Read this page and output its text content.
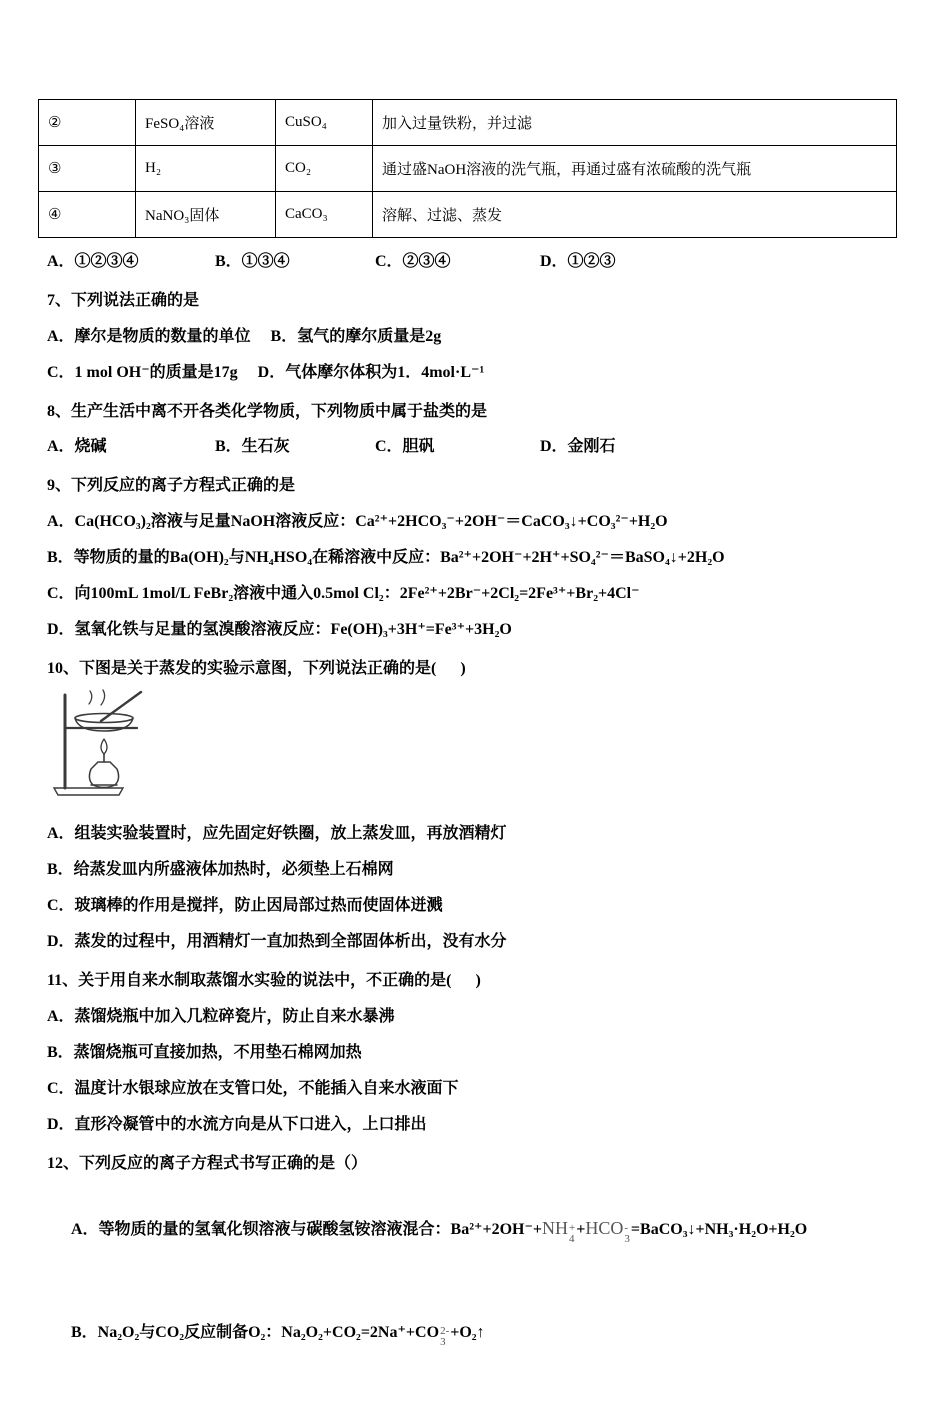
②	FeSO₄溶液	CuSO₄	加入过量铁粉，并过滤
③	H₂	CO₂	通过盛NaOH溶液的洗气瓶，再通过盛有浓硫酸的洗气瓶
④	NaNO₃固体	CaCO₃	溶解、过滤、蒸发
A．①②③④	B．①③④	C．②③④	D．①②③

7、下列说法正确的是

A．摩尔是物质的数量的单位　 B．氢气的摩尔质量是2g

C．1 mol OH⁻的质量是17g　 D．气体摩尔体积为1．4mol·L⁻¹

8、生产生活中离不开各类化学物质，下列物质中属于盐类的是

A．烧碱	B．生石灰	C．胆矾	D．金刚石

9、下列反应的离子方程式正确的是

A．Ca(HCO₃)₂溶液与足量NaOH溶液反应：Ca²⁺+2HCO₃⁻+2OH⁻＝CaCO₃↓+CO₃²⁻+H₂O

B．等物质的量的Ba(OH)₂与NH₄HSO₄在稀溶液中反应：Ba²⁺+2OH⁻+2H⁺+SO₄²⁻＝BaSO₄↓+2H₂O

C．向100mL 1mol/L FeBr₂溶液中通入0.5mol Cl₂：2Fe²⁺+2Br⁻+2Cl₂=2Fe³⁺+Br₂+4Cl⁻

D．氢氧化铁与足量的氢溴酸溶液反应：Fe(OH)₃+3H⁺=Fe³⁺+3H₂O

10、下图是关于蒸发的实验示意图，下列说法正确的是(      )

A．组装实验装置时，应先固定好铁圈，放上蒸发皿，再放酒精灯

B．给蒸发皿内所盛液体加热时，必须垫上石棉网

C．玻璃棒的作用是搅拌，防止因局部过热而使固体迸溅

D．蒸发的过程中，用酒精灯一直加热到全部固体析出，没有水分

11、关于用自来水制取蒸馏水实验的说法中，不正确的是(      )

A．蒸馏烧瓶中加入几粒碎瓷片，防止自来水暴沸

B．蒸馏烧瓶可直接加热，不用垫石棉网加热

C．温度计水银球应放在支管口处，不能插入自来水液面下

D．直形冷凝管中的水流方向是从下口进入，上口排出

12、下列反应的离子方程式书写正确的是（）

A．等物质的量的氢氧化钡溶液与碳酸氢铵溶液混合：Ba²⁺+2OH⁻+NH +
4
+HCO -
3
=BaCO₃↓+NH₃·H₂O+H₂O

B．Na₂O₂与CO₂反应制备O₂：Na₂O₂+CO₂=2Na⁺+CO 2-
3
+O₂↑
